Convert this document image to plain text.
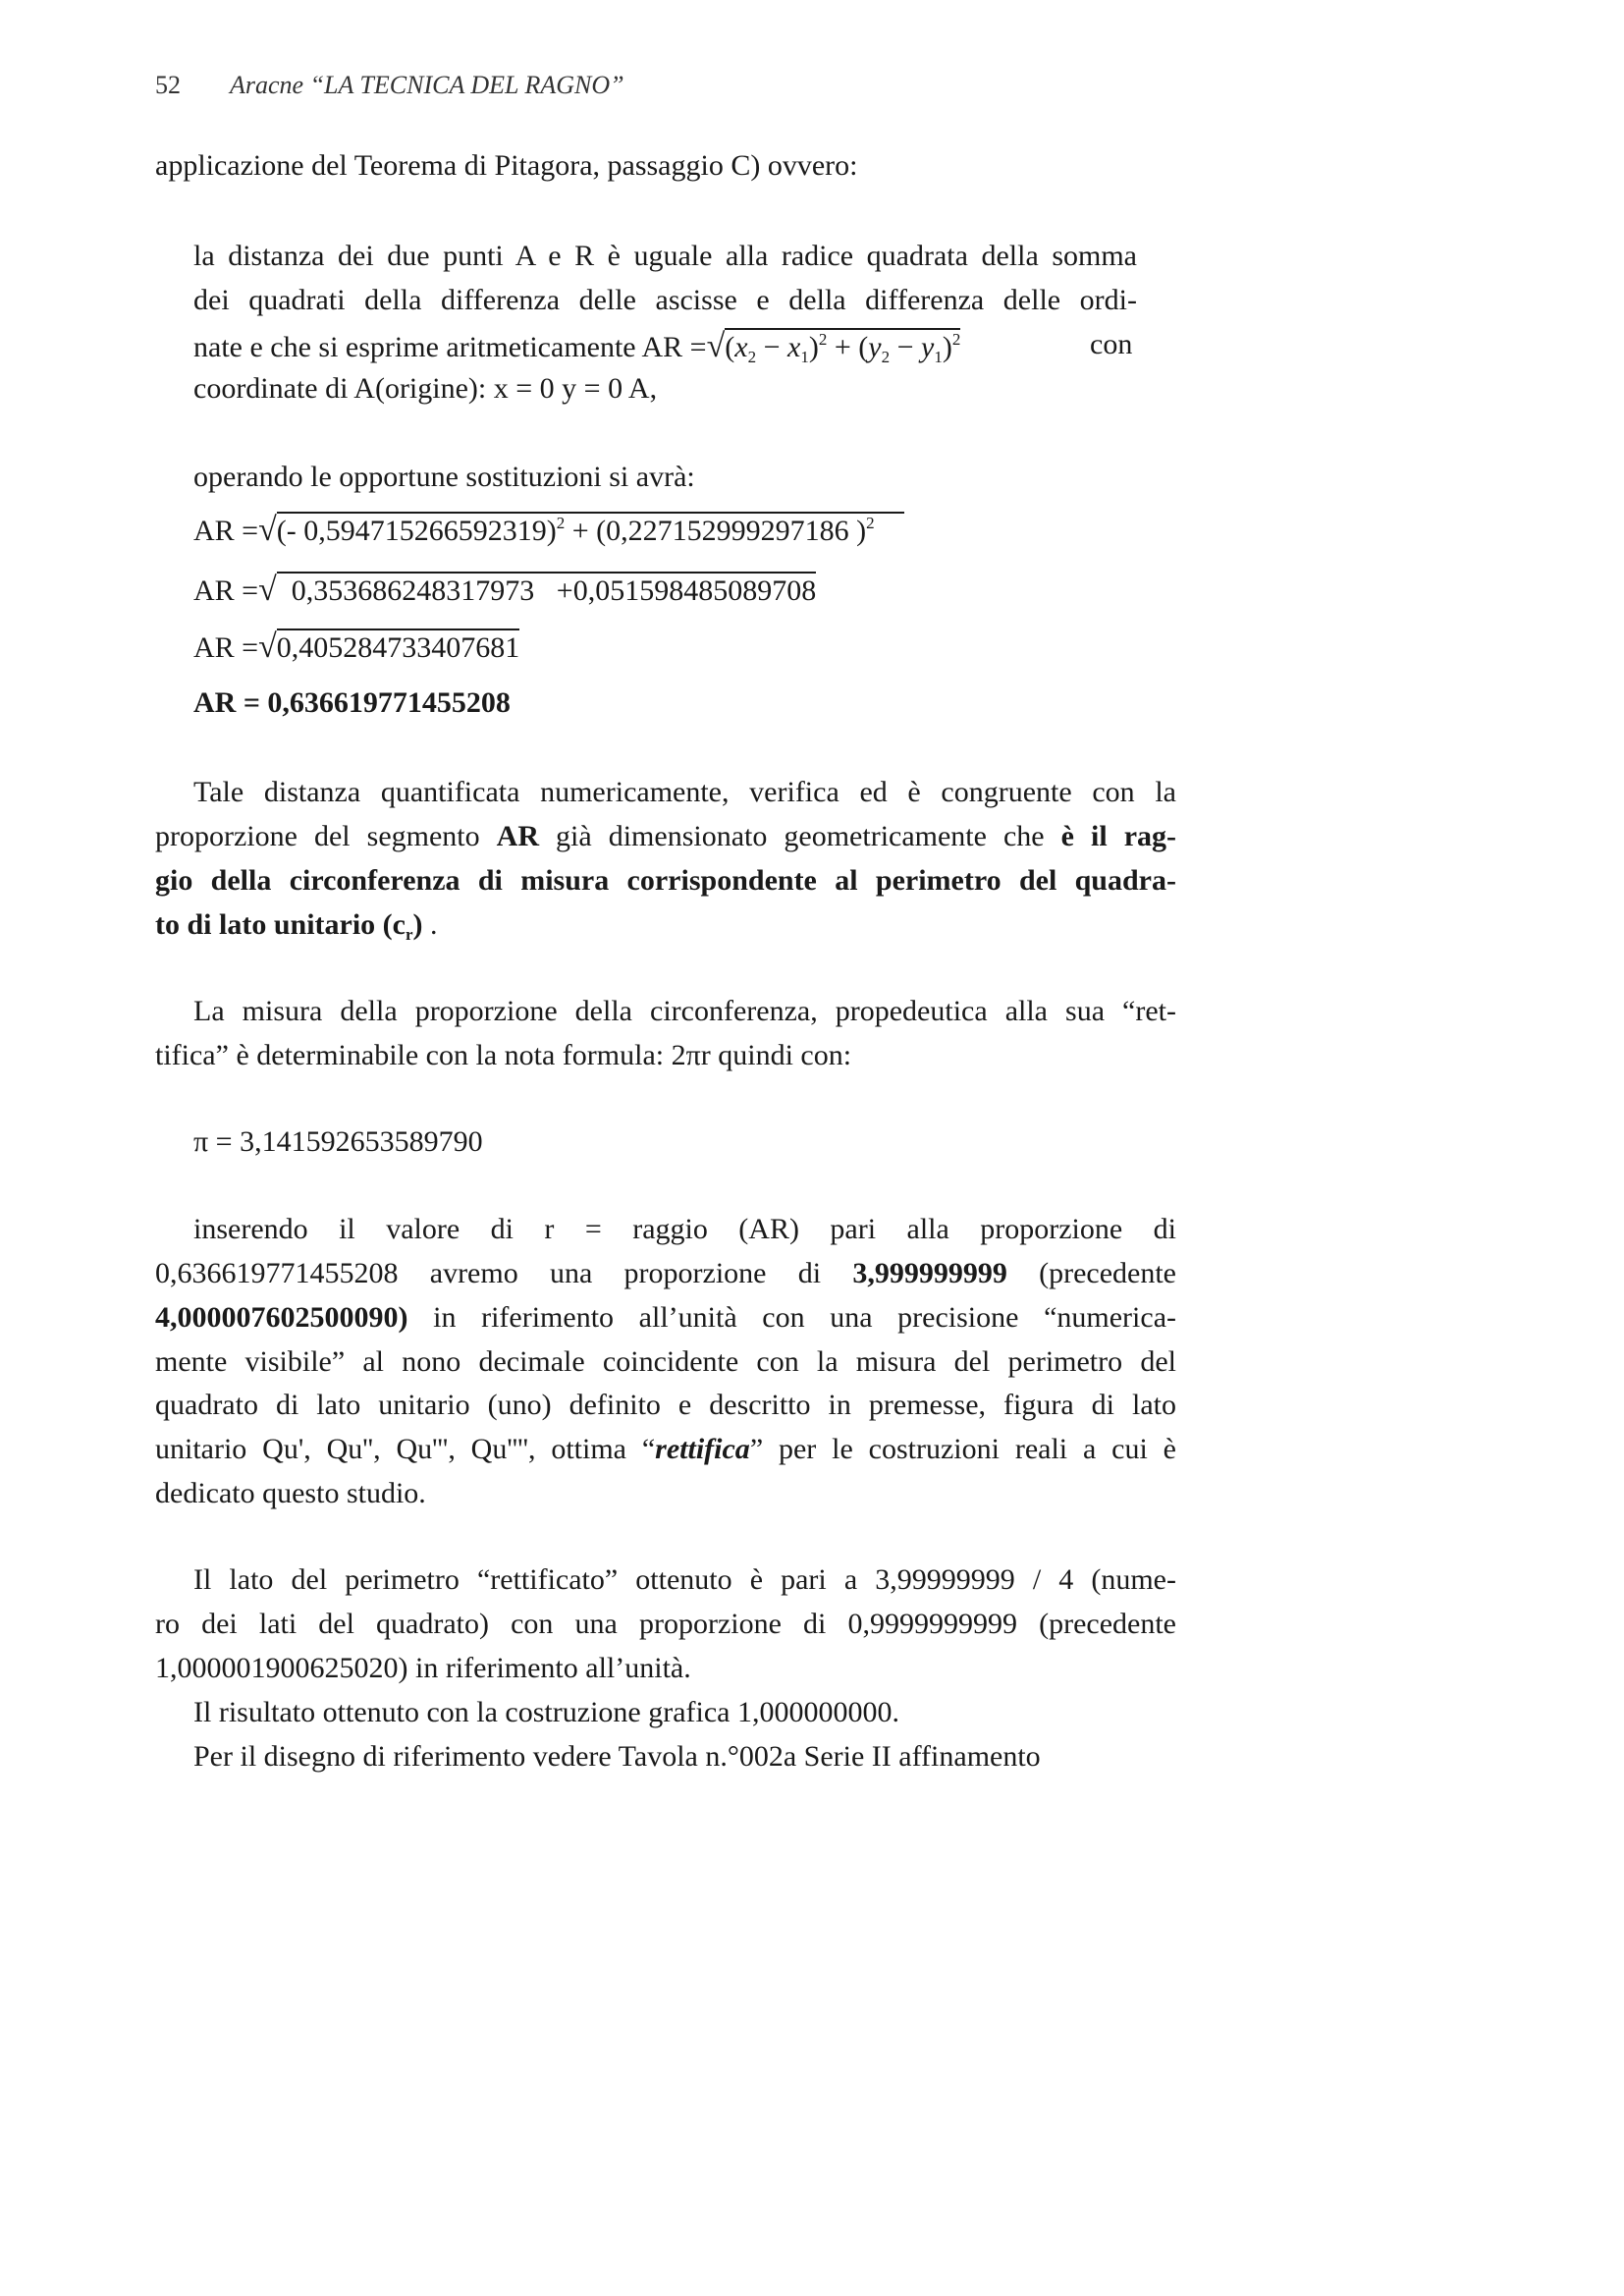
52 Aracne “LA TECNICA DEL RAGNO”
applicazione del Teorema di Pitagora, passaggio C) ovvero:
la distanza dei due punti A e R è uguale alla radice quadrata della somma
dei quadrati della differenza delle ascisse e della differenza delle ordi-
nate e che si esprime aritmeticamente AR $=√(x_2 - x_1)^2 + (y_2 - y_1)^2$	con
coordinate di A(origine): x = 0 y = 0 A,
operando le opportune sostituzioni si avrà:
AR =√(- 0,594715266592319)$^2$ + (0,227152999297186 )$^2$ 
AR =√  0,353686248317973   +0,051598485089708
AR =√0,405284733407681
AR = 0,636619771455208
Tale distanza quantificata numericamente, verifica ed è congruente con la
proporzione del segmento AR già dimensionato geometricamente che è il rag-
gio della circonferenza di misura corrispondente al perimetro del quadra-
to di lato unitario $(c_r)$ .
La misura della proporzione della circonferenza, propedeutica alla sua “ret-
tifica” è determinabile con la nota formula: 2πr quindi con:
π = 3,141592653589790
inserendo il valore di r = raggio (AR) pari alla proporzione di
0,636619771455208 avremo una proporzione di 3,999999999 (precedente
4,000007602500090) in riferimento all’unità con una precisione “numerica-
mente visibile” al nono decimale coincidente con la misura del perimetro del
quadrato di lato unitario (uno) definito e descritto in premesse, figura di lato
unitario Qu', Qu'', Qu''', Qu'''', ottima “rettifica” per le costruzioni reali a cui è
dedicato questo studio.
Il lato del perimetro “rettificato” ottenuto è pari a 3,99999999 / 4 (nume-
ro dei lati del quadrato) con una proporzione di 0,9999999999 (precedente
1,000001900625020) in riferimento all’unità.
Il risultato ottenuto con la costruzione grafica 1,000000000.
Per il disegno di riferimento vedere Tavola n.°002a Serie II affinamento
